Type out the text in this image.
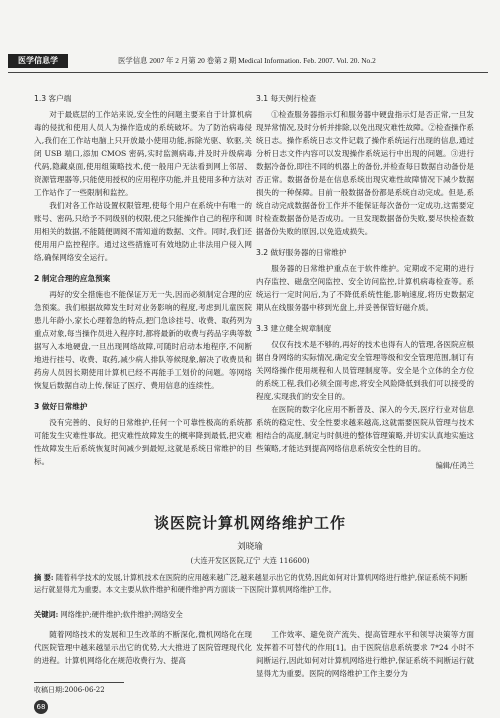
医学信息学	医学信息 2007 年 2 月第 20 卷第 2 期 Medical Information. Feb. 2007. Vol. 20. No.2
1.3 客户端

对于最底层的工作站来说,安全性的问题主要来自于计算机病毒的侵扰和使用人员人为操作造成的系统破坏。为了防治病毒侵入,我们在工作站电脑上只开放最小使用功能,拆除光驱、软驱,关闭 USB 端口,添加 CMOS 密码,实时监测病毒,并及时升级病毒代码,隐藏桌面,使用组策略技术,使一般用户无法看到网上邻居、资源管理器等,只能使用授权的应用程序功能,并且使用多种方法对工作站作了一些限制和监控。

我们对各工作站设置权限管理,使每个用户在系统中有唯一的账号、密码,只给予不同级别的权限,使之只能操作自己的程序和调用相关的数据,不能随便调阅不需知道的数据、文件。同时,我们还使用用户监控程序。通过这些措施可有效地防止非法用户侵入网络,确保网络安全运行。

2 制定合理的应急预案

再好的安全措施也不能保证万无一失,因而必须制定合理的应急预案。我们根据故障发生时对业务影响的程度,考虑到儿童医院患儿年龄小,家长心理着急的特点,把门急诊挂号、收费、取药列为重点对象,每当操作员进入程序时,都将最新的收费与药品字典等数据写入本地硬盘,一旦出现网络故障,可随时启动本地程序,不间断地进行挂号、收费、取药,减少病人排队等候现象,解决了收费员和药房人员因长期使用计算机已经不再能手工划价的问题。等网络恢复后数据自动上传,保证了医疗、费用信息的连续性。

3 做好日常维护

没有完善的、良好的日常维护,任何一个可靠性极高的系统都可能发生灾难性事故。把灾难性故障发生的概率降到最低,把灾难性故障发生后系统恢复时间减少到最短,这就是系统日常维护的目标。

3.1 每天例行检查

①检查服务器指示灯和服务器中硬盘指示灯是否正常,一旦发现异常情况,及时分析并排除,以免出现灾难性故障。②检查操作系统日志。操作系统日志文件记载了操作系统运行出现的信息,通过分析日志文件内容可以发现操作系统运行中出现的问题。③进行数据冷备份,即往不同的机器上的备份,并检查每日数据自动备份是否正常。数据备份是在信息系统出现灾难性故障情况下减少数据损失的一种保障。目前一般数据备份都是系统自动完成。但是,系统自动完成数据备份工作并不能保证每次备份一定成功,这需要定时检查数据备份是否成功。一旦发现数据备份失败,要尽快检查数据备份失败的原因,以免造成损失。

3.2 做好服务器的日常维护

服务器的日常维护重点在于软件维护。定期或不定期的进行内存监控、磁盘空间监控、安全访问监控,计算机病毒检查等。系统运行一定时间后,为了不降低系统性能,影响速度,将历史数据定期从在线服务器中移到光盘上,并妥善保管好磁介质。

3.3 建立健全规章制度

仅仅有技术是不够的,再好的技术也得有人的管理,各医院应根据自身网络的实际情况,确定安全管理等级和安全管理范围,制订有关网络操作使用规程和人员管理制度等。安全是个立体的全方位的系统工程,我们必须全面考虑,将安全风险降低到我们可以接受的程度,实现我们的安全目的。

在医院的数字化应用不断普及、深入的今天,医疗行业对信息系统的稳定性、安全性要求越来越高,这就需要医院从管理与技术相结合的高度,制定与时俱进的整体管理策略,并切实认真地实施这些策略,才能达到提高网络信息系统安全性的目的。

编辑/任鸿兰
谈医院计算机网络维护工作
刘晓瑜
(大连开发区医院,辽宁 大连 116600)
摘 要: 随着科学技术的发展,计算机技术在医院的应用越来越广泛,越来越显示出它的优势,因此如何对计算机网络进行维护,保证系统不间断运行就显得尤为重要。本文主要从软件维护和硬件维护两方面谈一下医院计算机网络维护工作。
关键词: 网络维护;硬件维护;软件维护;网络安全

随着网络技术的发展和卫生改革的不断深化,微机网络化在现代医院管理中越来越显示出它的优势,大大推进了医院管理现代化的进程。计算机网络化在规范收费行为、提高

工作效率、避免资产流失、提高管理水平和领导决策等方面发挥着不可替代的作用[1]。由于医院信息系统要求 7*24 小时不间断运行,因此如何对计算机网络进行维护,保证系统不间断运行就显得尤为重要。医院的网络维护工作主要分为

收稿日期:2006-06-22
68
